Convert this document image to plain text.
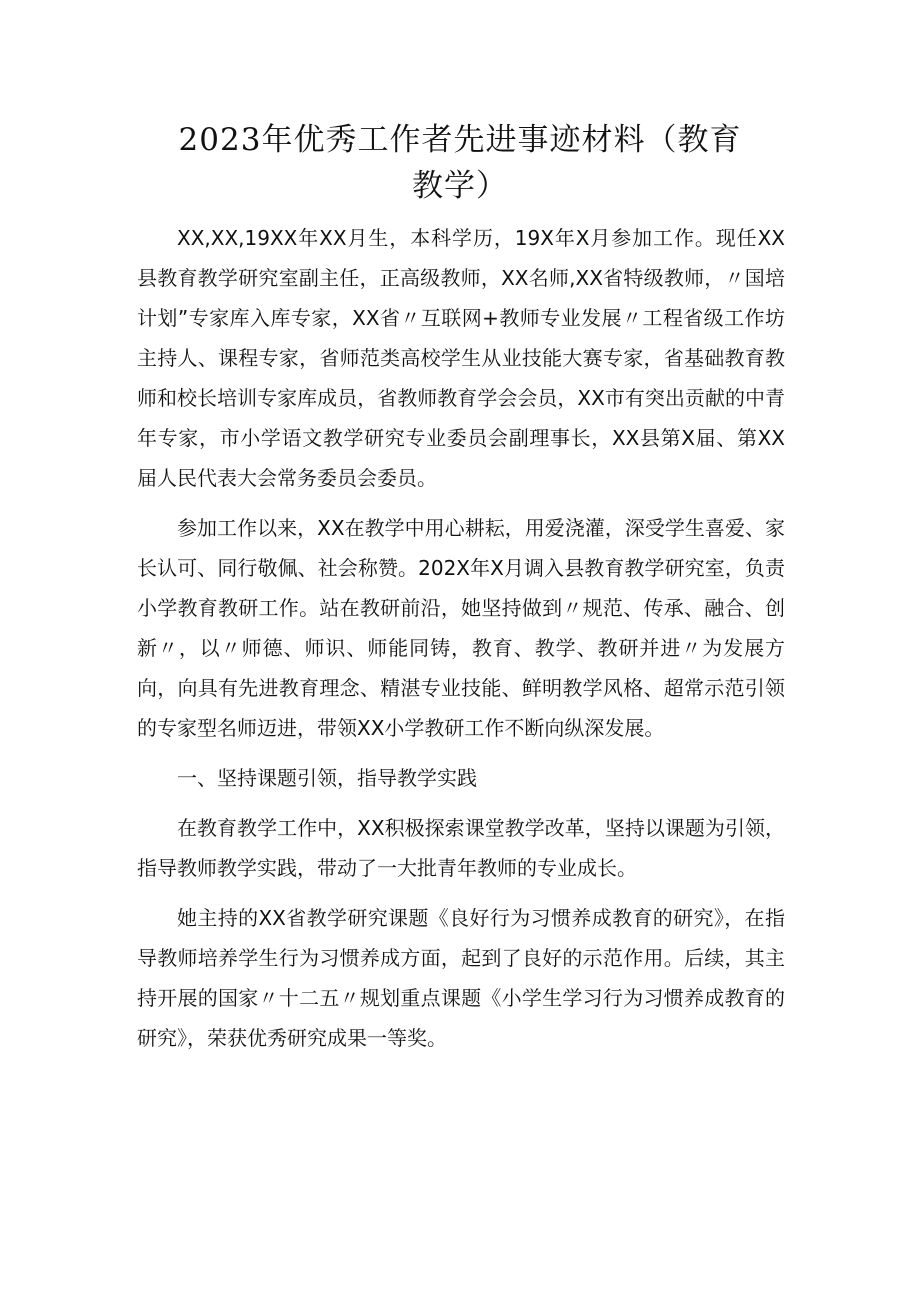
2023年优秀工作者先进事迹材料（教育
教学）

XX,XX,19XX年XX月生，本科学历，19X年X月参加工作。现任XX县教育教学研究室副主任，正高级教师，XX名师,XX省特级教师，〃国培计划”专家库入库专家，XX省〃互联网+教师专业发展〃工程省级工作坊主持人、课程专家，省师范类高校学生从业技能大赛专家，省基础教育教师和校长培训专家库成员，省教师教育学会会员，XX市有突出贡献的中青年专家，市小学语文教学研究专业委员会副理事长，XX县第X届、第XX届人民代表大会常务委员会委员。

参加工作以来，XX在教学中用心耕耘，用爱浇灌，深受学生喜爱、家长认可、同行敬佩、社会称赞。202X年X月调入县教育教学研究室，负责小学教育教研工作。站在教研前沿，她坚持做到〃规范、传承、融合、创新〃，以〃师德、师识、师能同铸，教育、教学、教研并进〃为发展方向，向具有先进教育理念、精湛专业技能、鲜明教学风格、超常示范引领的专家型名师迈进，带领XX小学教研工作不断向纵深发展。

一、坚持课题引领，指导教学实践

在教育教学工作中，XX积极探索课堂教学改革，坚持以课题为引领，指导教师教学实践，带动了一大批青年教师的专业成长。

她主持的XX省教学研究课题《良好行为习惯养成教育的研究》，在指导教师培养学生行为习惯养成方面，起到了良好的示范作用。后续，其主持开展的国家〃十二五〃规划重点课题《小学生学习行为习惯养成教育的研究》，荣获优秀研究成果一等奖。
